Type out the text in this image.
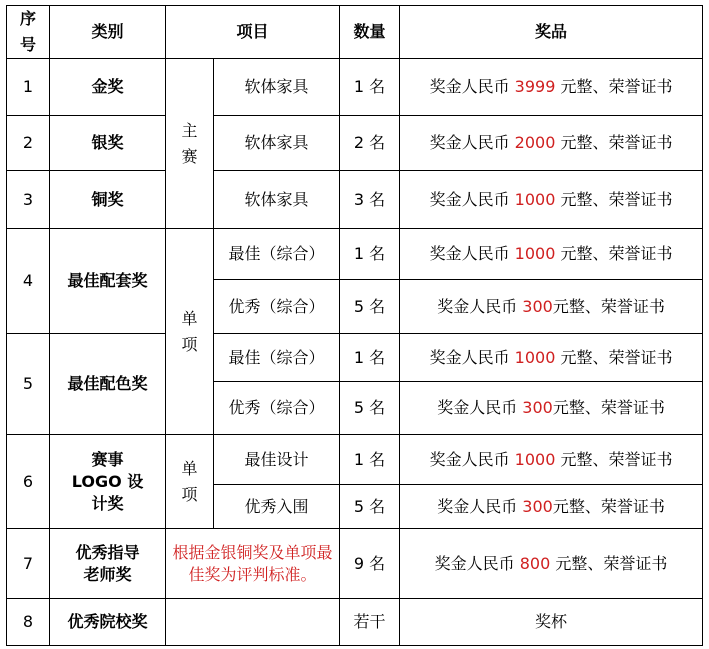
序号	类别	项目		数量	奖品
1	金奖	主赛	软体家具	1 名	奖金人民币 3999 元整、荣誉证书
2	银奖		软体家具	2 名	奖金人民币 2000 元整、荣誉证书
3	铜奖		软体家具	3 名	奖金人民币 1000 元整、荣誉证书
4	最佳配套奖	单项	最佳（综合）	1 名	奖金人民币 1000 元整、荣誉证书
			优秀（综合）	5 名	奖金人民币 300元整、荣誉证书
5	最佳配色奖		最佳（综合）	1 名	奖金人民币 1000 元整、荣誉证书
			优秀（综合）	5 名	奖金人民币 300元整、荣誉证书
6	赛事 LOGO 设计奖	单项	最佳设计	1 名	奖金人民币 1000 元整、荣誉证书
			优秀入围	5 名	奖金人民币 300元整、荣誉证书
7	优秀指导老师奖	根据金银铜奖及单项最佳奖为评判标准。		9 名	奖金人民币 800 元整、荣誉证书
8	优秀院校奖			若干	奖杯
